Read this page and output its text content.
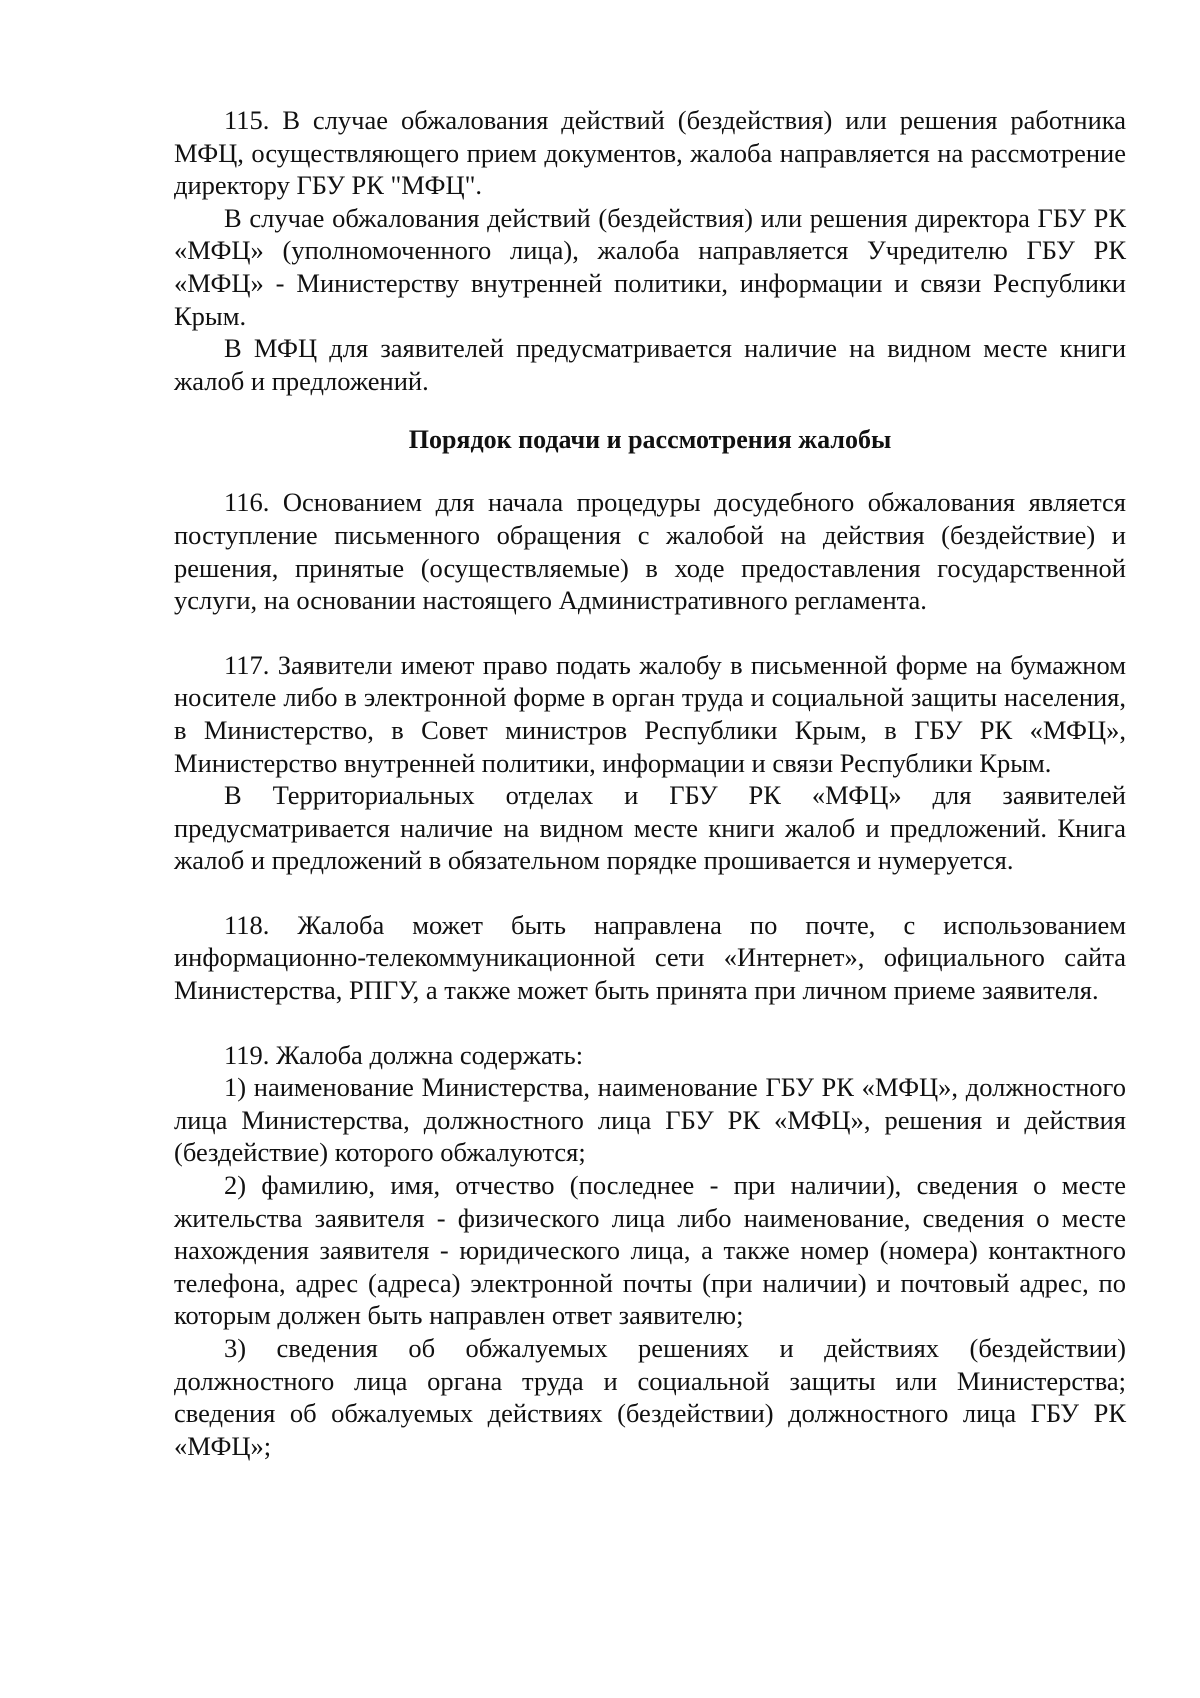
115. В случае обжалования действий (бездействия) или решения работника МФЦ, осуществляющего прием документов, жалоба направляется на рассмотрение директору ГБУ РК "МФЦ".

В случае обжалования действий (бездействия) или решения директора ГБУ РК «МФЦ» (уполномоченного лица), жалоба направляется Учредителю ГБУ РК «МФЦ» - Министерству внутренней политики, информации и связи Республики Крым.

В МФЦ для заявителей предусматривается наличие на видном месте книги жалоб и предложений.

Порядок подачи и рассмотрения жалобы

116. Основанием для начала процедуры досудебного обжалования является поступление письменного обращения с жалобой на действия (бездействие) и решения, принятые (осуществляемые) в ходе предоставления государственной услуги, на основании настоящего Административного регламента.

117. Заявители имеют право подать жалобу в письменной форме на бумажном носителе либо в электронной форме в орган труда и социальной защиты населения, в Министерство, в Совет министров Республики Крым, в ГБУ РК «МФЦ», Министерство внутренней политики, информации и связи Республики Крым.

В Территориальных отделах и ГБУ РК «МФЦ» для заявителей предусматривается наличие на видном месте книги жалоб и предложений. Книга жалоб и предложений в обязательном порядке прошивается и нумеруется.

118. Жалоба может быть направлена по почте, с использованием информационно-телекоммуникационной сети «Интернет», официального сайта Министерства, РПГУ, а также может быть принята при личном приеме заявителя.

119. Жалоба должна содержать:

1) наименование Министерства, наименование ГБУ РК «МФЦ», должностного лица Министерства, должностного лица ГБУ РК «МФЦ», решения и действия (бездействие) которого обжалуются;

2) фамилию, имя, отчество (последнее - при наличии), сведения о месте жительства заявителя - физического лица либо наименование, сведения о месте нахождения заявителя - юридического лица, а также номер (номера) контактного телефона, адрес (адреса) электронной почты (при наличии) и почтовый адрес, по которым должен быть направлен ответ заявителю;

3) сведения об обжалуемых решениях и действиях (бездействии) должностного лица органа труда и социальной защиты или Министерства; сведения об обжалуемых действиях (бездействии) должностного лица ГБУ РК «МФЦ»;
